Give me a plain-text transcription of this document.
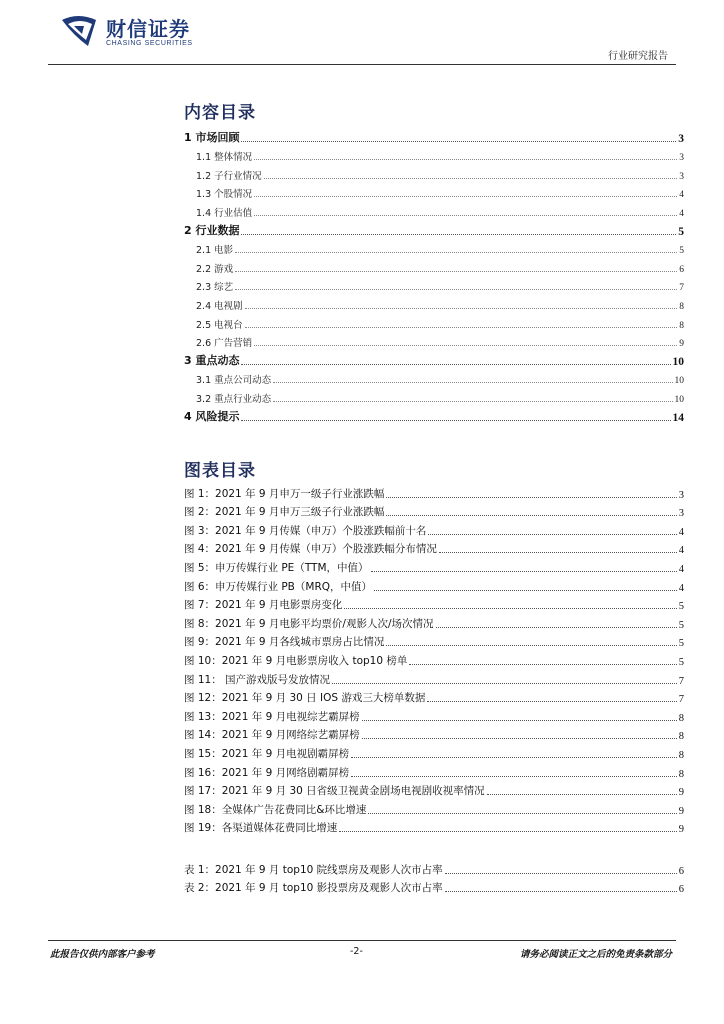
财信证券
CHASING SECURITIES
行业研究报告
内容目录
1 市场回顾	3
1.1 整体情况	3
1.2 子行业情况	3
1.3 个股情况	4
1.4 行业估值	4
2 行业数据	5
2.1 电影	5
2.2 游戏	6
2.3 综艺	7
2.4 电视剧	8
2.5 电视台	8
2.6 广告营销	9
3 重点动态	10
3.1 重点公司动态	10
3.2 重点行业动态	10
4 风险提示	14
图表目录
图 1：2021 年 9 月申万一级子行业涨跌幅	3
图 2：2021 年 9 月申万三级子行业涨跌幅	3
图 3：2021 年 9 月传媒（申万）个股涨跌幅前十名	4
图 4：2021 年 9 月传媒（申万）个股涨跌幅分布情况	4
图 5：申万传媒行业 PE（TTM，中值）	4
图 6：申万传媒行业 PB（MRQ，中值）	4
图 7：2021 年 9 月电影票房变化	5
图 8：2021 年 9 月电影平均票价/观影人次/场次情况	5
图 9：2021 年 9 月各线城市票房占比情况	5
图 10：2021 年 9 月电影票房收入 top10 榜单	5
图 11： 国产游戏版号发放情况	7
图 12：2021 年 9 月 30 日 IOS 游戏三大榜单数据	7
图 13：2021 年 9 月电视综艺霸屏榜	8
图 14：2021 年 9 月网络综艺霸屏榜	8
图 15：2021 年 9 月电视剧霸屏榜	8
图 16：2021 年 9 月网络剧霸屏榜	8
图 17：2021 年 9 月 30 日省级卫视黄金剧场电视剧收视率情况	9
图 18：全媒体广告花费同比&环比增速	9
图 19：各渠道媒体花费同比增速	9
表 1：2021 年 9 月 top10 院线票房及观影人次市占率	6
表 2：2021 年 9 月 top10 影投票房及观影人次市占率	6
此报告仅供内部客户参考	-2-	请务必阅读正文之后的免责条款部分
